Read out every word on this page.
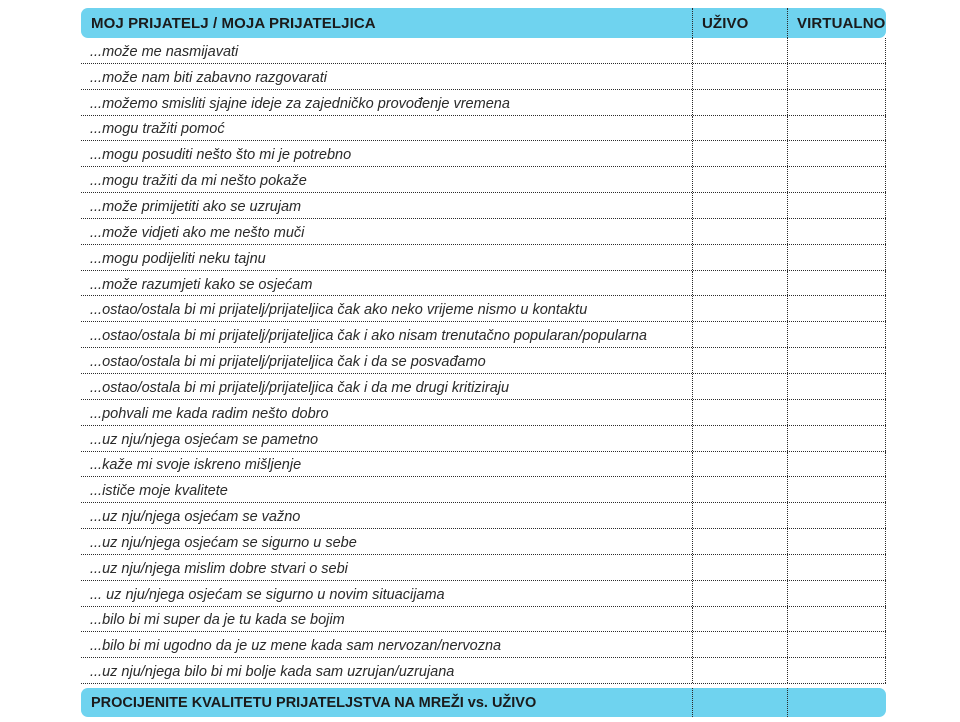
MOJ PRIJATELJ / MOJA PRIJATELJICA	UŽIVO	VIRTUALNO
...može me nasmijavati
...može nam biti zabavno razgovarati
...možemo smisliti sjajne ideje za zajedničko provođenje vremena
...mogu tražiti pomoć
...mogu posuditi nešto što mi je potrebno
...mogu tražiti da mi nešto pokaže
...može primijetiti ako se uzrujam
...može vidjeti ako me nešto muči
...mogu podijeliti neku tajnu
...može razumjeti kako se osjećam
...ostao/ostala bi mi prijatelj/prijateljica čak ako neko vrijeme nismo u kontaktu
...ostao/ostala bi mi prijatelj/prijateljica čak i ako nisam trenutačno popularan/popularna
...ostao/ostala bi mi prijatelj/prijateljica čak i da se posvađamo
...ostao/ostala bi mi prijatelj/prijateljica čak i da me drugi kritiziraju
...pohvali me kada radim nešto dobro
...uz nju/njega osjećam se pametno
...kaže mi svoje iskreno mišljenje
...ističe moje kvalitete
...uz nju/njega osjećam se važno
...uz nju/njega osjećam se sigurno u sebe
...uz nju/njega mislim dobre stvari o sebi
... uz nju/njega osjećam se sigurno u novim situacijama
...bilo bi mi super da je tu kada se bojim
...bilo bi mi ugodno da je uz mene kada sam nervozan/nervozna
...uz nju/njega bilo bi mi bolje kada sam uzrujan/uzrujana
PROCIJENITE KVALITETU PRIJATELJSTVA NA MREŽI vs. UŽIVO
